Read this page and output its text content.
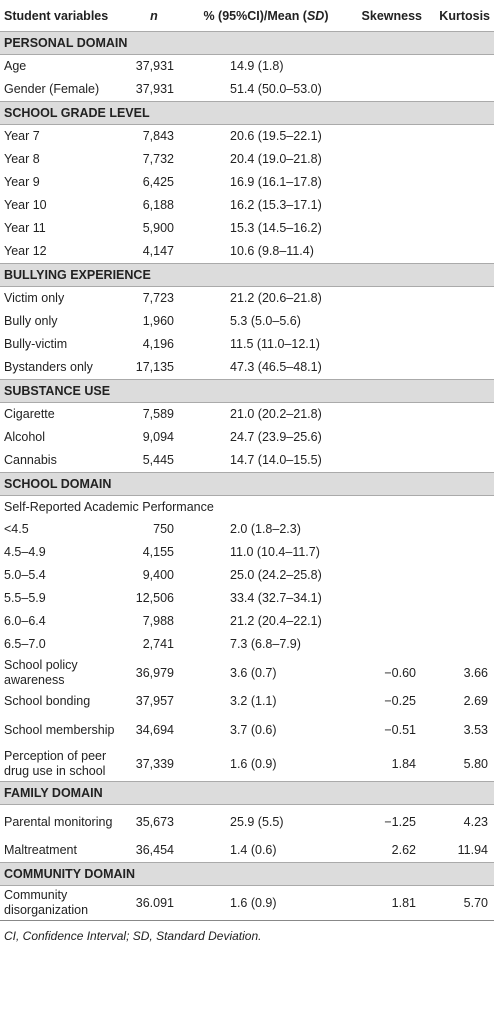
Student variables	n	% (95%CI)/Mean (SD)	Skewness	Kurtosis
PERSONAL DOMAIN				
Age	37,931	14.9 (1.8)		
Gender (Female)	37,931	51.4 (50.0–53.0)		
SCHOOL GRADE LEVEL				
Year 7	7,843	20.6 (19.5–22.1)		
Year 8	7,732	20.4 (19.0–21.8)		
Year 9	6,425	16.9 (16.1–17.8)		
Year 10	6,188	16.2 (15.3–17.1)		
Year 11	5,900	15.3 (14.5–16.2)		
Year 12	4,147	10.6 (9.8–11.4)		
BULLYING EXPERIENCE				
Victim only	7,723	21.2 (20.6–21.8)		
Bully only	1,960	5.3 (5.0–5.6)		
Bully-victim	4,196	11.5 (11.0–12.1)		
Bystanders only	17,135	47.3 (46.5–48.1)		
SUBSTANCE USE				
Cigarette	7,589	21.0 (20.2–21.8)		
Alcohol	9,094	24.7 (23.9–25.6)		
Cannabis	5,445	14.7 (14.0–15.5)		
SCHOOL DOMAIN				
Self-Reported Academic Performance				
<4.5	750	2.0 (1.8–2.3)		
4.5–4.9	4,155	11.0 (10.4–11.7)		
5.0–5.4	9,400	25.0 (24.2–25.8)		
5.5–5.9	12,506	33.4 (32.7–34.1)		
6.0–6.4	7,988	21.2 (20.4–22.1)		
6.5–7.0	2,741	7.3 (6.8–7.9)		
School policy awareness	36,979	3.6 (0.7)	−0.60	3.66
School bonding	37,957	3.2 (1.1)	−0.25	2.69
School membership	34,694	3.7 (0.6)	−0.51	3.53
Perception of peer drug use in school	37,339	1.6 (0.9)	1.84	5.80
FAMILY DOMAIN				
Parental monitoring	35,673	25.9 (5.5)	−1.25	4.23
Maltreatment	36,454	1.4 (0.6)	2.62	11.94
COMMUNITY DOMAIN				
Community disorganization	36.091	1.6 (0.9)	1.81	5.70
CI, Confidence Interval; SD, Standard Deviation.
